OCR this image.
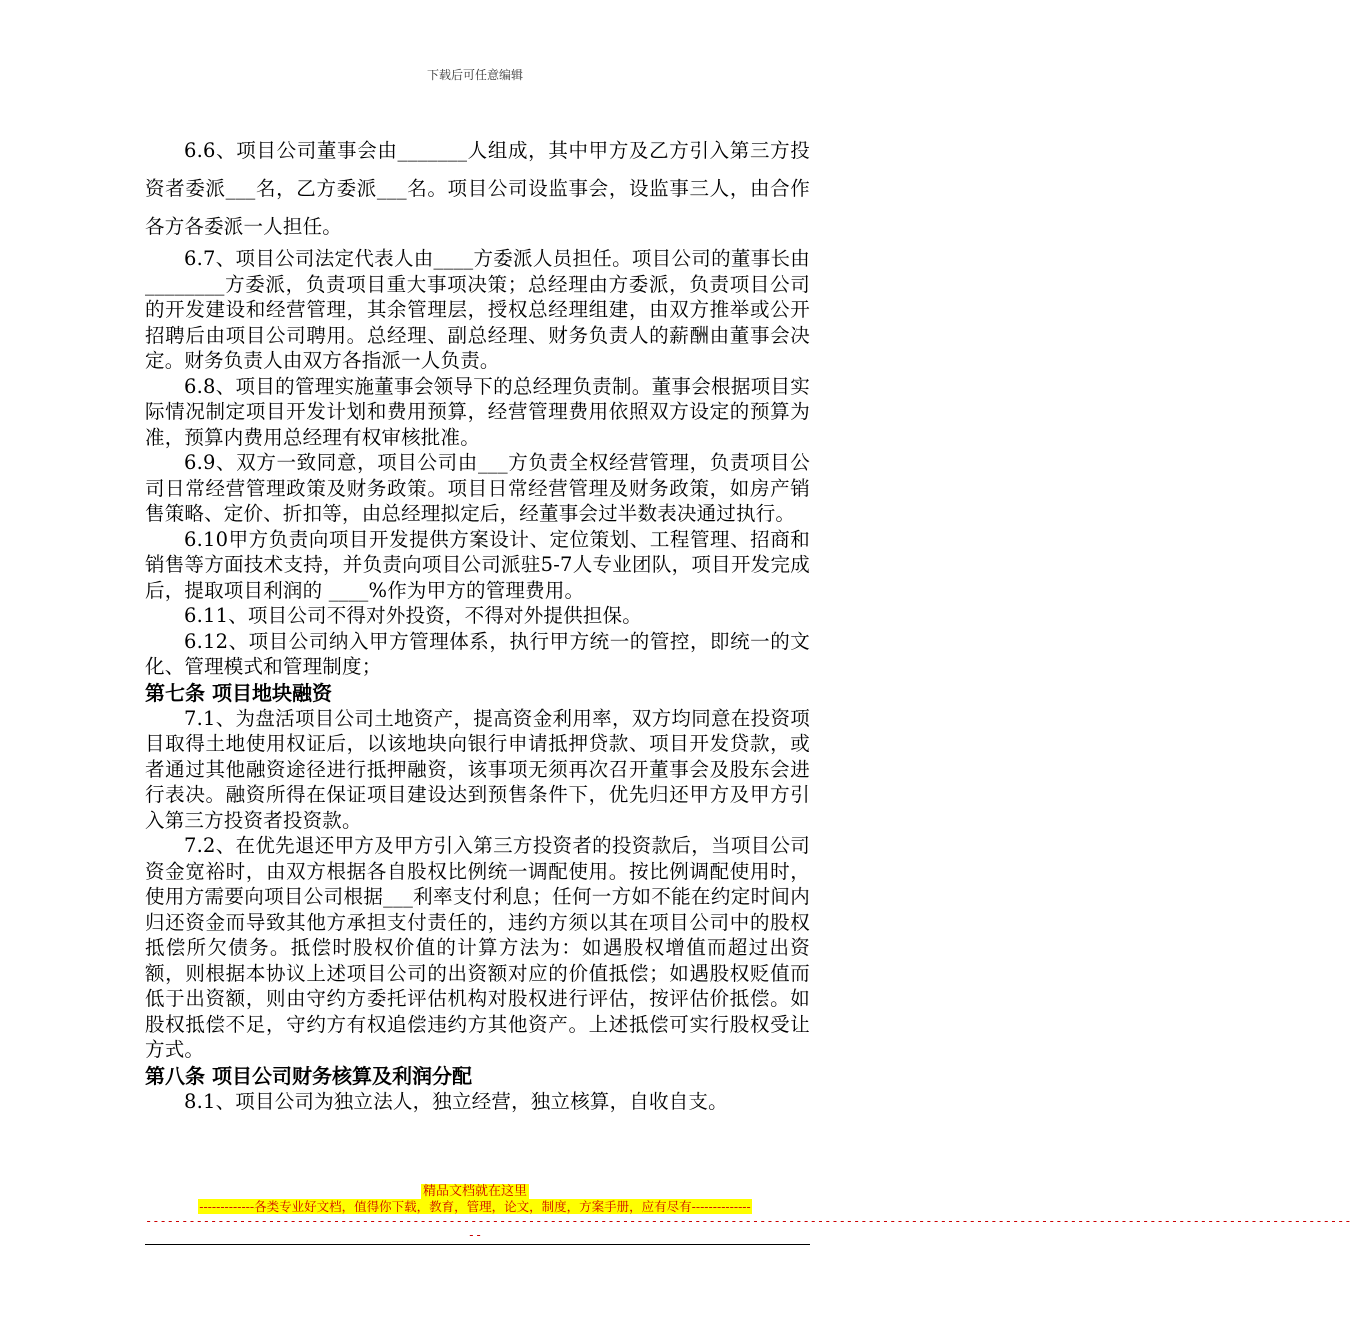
下载后可任意编辑

6.6、项目公司董事会由_______人组成，其中甲方及乙方引入第三方投资者委派___名，乙方委派___名。项目公司设监事会，设监事三人，由合作各方各委派一人担任。

6.7、项目公司法定代表人由____方委派人员担任。项目公司的董事长由________方委派，负责项目重大事项决策；总经理由方委派，负责项目公司的开发建设和经营管理，其余管理层，授权总经理组建，由双方推举或公开招聘后由项目公司聘用。总经理、副总经理、财务负责人的薪酬由董事会决定。财务负责人由双方各指派一人负责。

6.8、项目的管理实施董事会领导下的总经理负责制。董事会根据项目实际情况制定项目开发计划和费用预算，经营管理费用依照双方设定的预算为准，预算内费用总经理有权审核批准。

6.9、双方一致同意，项目公司由___方负责全权经营管理，负责项目公司日常经营管理政策及财务政策。项目日常经营管理及财务政策，如房产销售策略、定价、折扣等，由总经理拟定后，经董事会过半数表决通过执行。

6.10甲方负责向项目开发提供方案设计、定位策划、工程管理、招商和销售等方面技术支持，并负责向项目公司派驻5-7人专业团队，项目开发完成后，提取项目利润的 ____%作为甲方的管理费用。

6.11、项目公司不得对外投资，不得对外提供担保。

6.12、项目公司纳入甲方管理体系，执行甲方统一的管控，即统一的文化、管理模式和管理制度；

第七条 项目地块融资

7.1、为盘活项目公司土地资产，提高资金利用率，双方均同意在投资项目取得土地使用权证后，以该地块向银行申请抵押贷款、项目开发贷款，或者通过其他融资途径进行抵押融资，该事项无须再次召开董事会及股东会进行表决。融资所得在保证项目建设达到预售条件下，优先归还甲方及甲方引入第三方投资者投资款。

7.2、在优先退还甲方及甲方引入第三方投资者的投资款后，当项目公司资金宽裕时，由双方根据各自股权比例统一调配使用。按比例调配使用时，使用方需要向项目公司根据___利率支付利息；任何一方如不能在约定时间内归还资金而导致其他方承担支付责任的，违约方须以其在项目公司中的股权抵偿所欠债务。抵偿时股权价值的计算方法为：如遇股权增值而超过出资额，则根据本协议上述项目公司的出资额对应的价值抵偿；如遇股权贬值而低于出资额，则由守约方委托评估机构对股权进行评估，按评估价抵偿。如股权抵偿不足，守约方有权追偿违约方其他资产。上述抵偿可实行股权受让方式。

第八条 项目公司财务核算及利润分配

8.1、项目公司为独立法人，独立经营，独立核算，自收自支。

精品文档就在这里
-------------各类专业好文档，值得你下载，教育，管理，论文，制度，方案手册，应有尽有--------------
-----------------------------------------------------------------------------------------------------------------------------------------------------------------------
--
